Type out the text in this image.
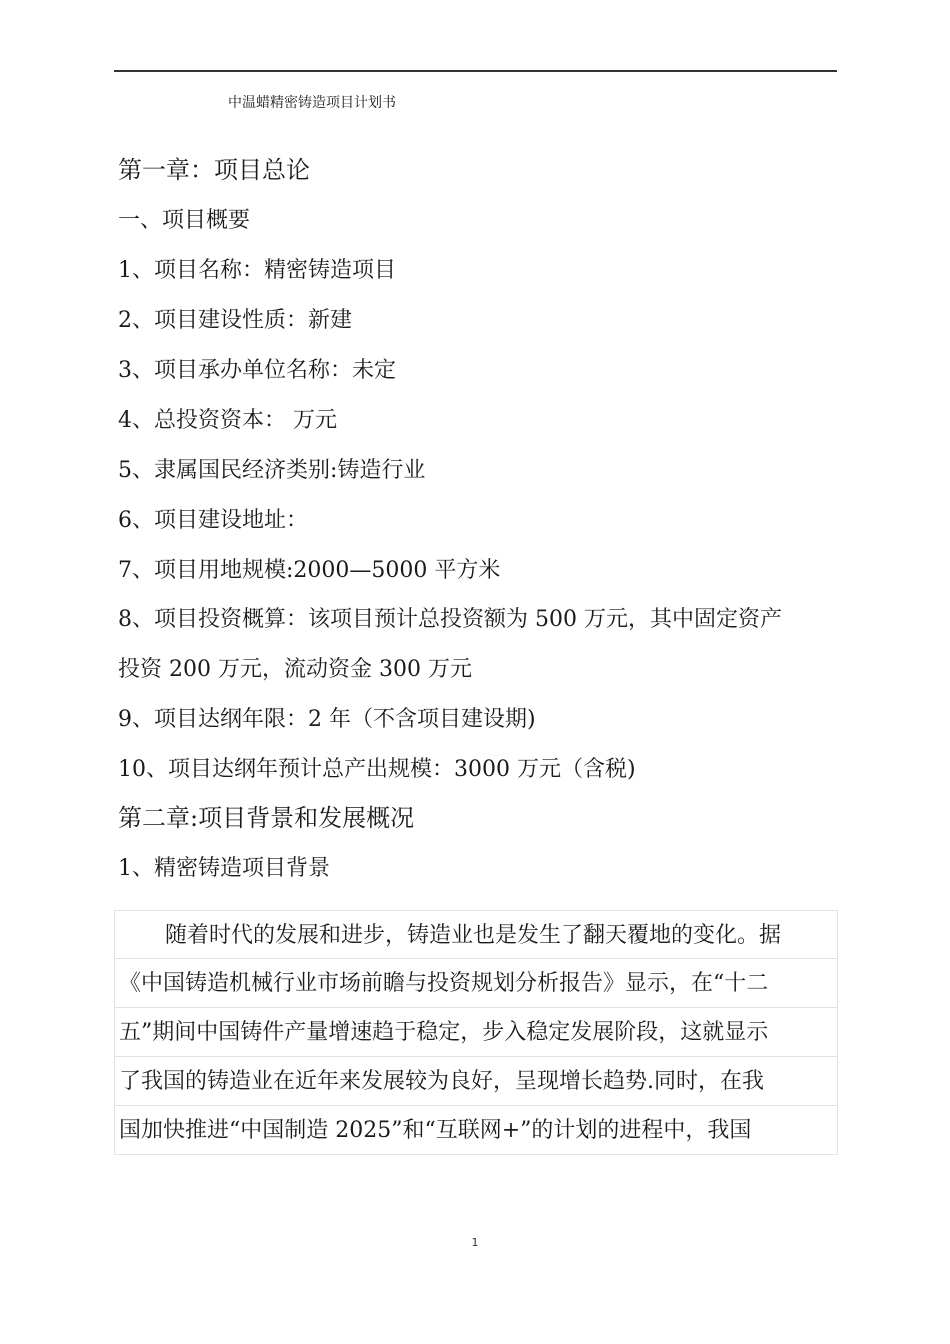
中温蜡精密铸造项目计划书
第一章：项目总论
一、项目概要
1、项目名称：精密铸造项目
2、项目建设性质：新建
3、项目承办单位名称：未定
4、总投资资本： 万元
5、隶属国民经济类别:铸造行业
6、项目建设地址：
7、项目用地规模:2000—5000 平方米
8、项目投资概算：该项目预计总投资额为 500 万元，其中固定资产
投资 200 万元，流动资金 300 万元
9、项目达纲年限：2 年（不含项目建设期)
10、项目达纲年预计总产出规模：3000 万元（含税)
第二章:项目背景和发展概况
1、精密铸造项目背景
随着时代的发展和进步，铸造业也是发生了翻天覆地的变化。据
《中国铸造机械行业市场前瞻与投资规划分析报告》显示，在“十二
五”期间中国铸件产量增速趋于稳定，步入稳定发展阶段，这就显示
了我国的铸造业在近年来发展较为良好，呈现增长趋势.同时，在我
国加快推进“中国制造 2025”和“互联网+”的计划的进程中，我国
1
